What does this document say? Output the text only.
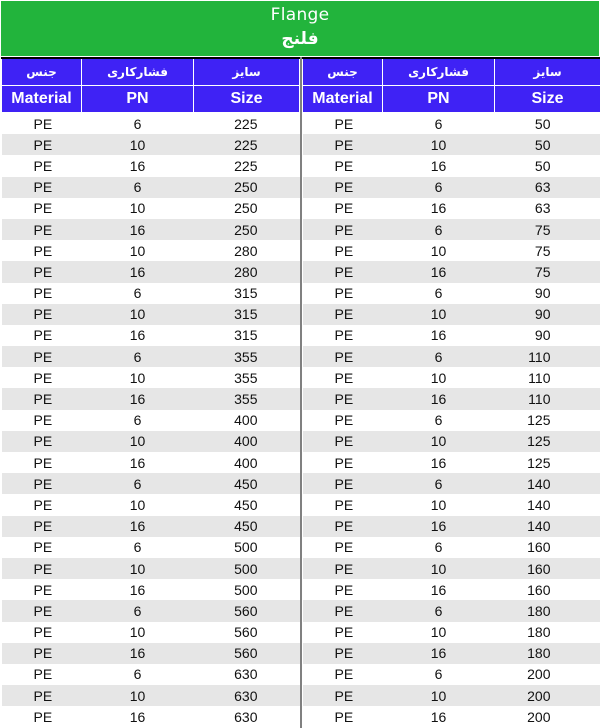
Flange
فلنج
جنس	فشارکاری	سایز
Material	PN	Size
PE	6	225
PE	10	225
PE	16	225
PE	6	250
PE	10	250
PE	16	250
PE	10	280
PE	16	280
PE	6	315
PE	10	315
PE	16	315
PE	6	355
PE	10	355
PE	16	355
PE	6	400
PE	10	400
PE	16	400
PE	6	450
PE	10	450
PE	16	450
PE	6	500
PE	10	500
PE	16	500
PE	6	560
PE	10	560
PE	16	560
PE	6	630
PE	10	630
PE	16	630
جنس	فشارکاری	سایز
Material	PN	Size
PE	6	50
PE	10	50
PE	16	50
PE	6	63
PE	16	63
PE	6	75
PE	10	75
PE	16	75
PE	6	90
PE	10	90
PE	16	90
PE	6	110
PE	10	110
PE	16	110
PE	6	125
PE	10	125
PE	16	125
PE	6	140
PE	10	140
PE	16	140
PE	6	160
PE	10	160
PE	16	160
PE	6	180
PE	10	180
PE	16	180
PE	6	200
PE	10	200
PE	16	200
